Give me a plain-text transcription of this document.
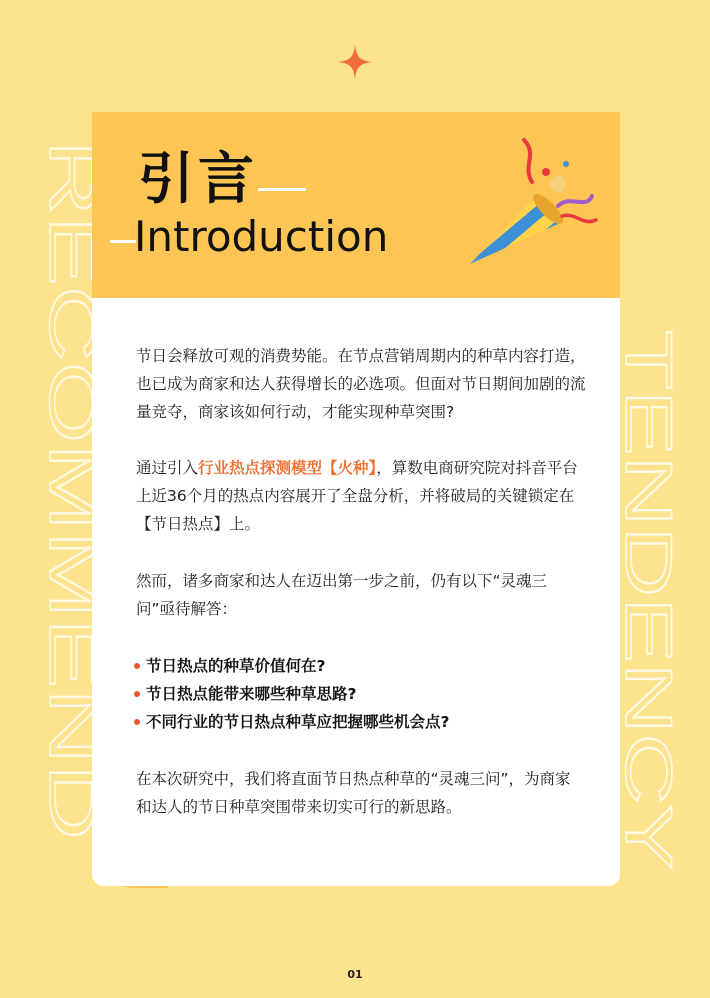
RECOMMEND	TENDENCY
引言
Introduction

节日会释放可观的消费势能。在节点营销周期内的种草内容打造，也已成为商家和达人获得增长的必选项。但面对节日期间加剧的流量竞夺，商家该如何行动，才能实现种草突围?

通过引入行业热点探测模型【火种】，算数电商研究院对抖音平台上近36个月的热点内容展开了全盘分析，并将破局的关键锁定在【节日热点】上。

然而，诸多商家和达人在迈出第一步之前，仍有以下“灵魂三问”亟待解答：

节日热点的种草价值何在?
节日热点能带来哪些种草思路?
不同行业的节日热点种草应把握哪些机会点?

在本次研究中，我们将直面节日热点种草的“灵魂三问”，为商家和达人的节日种草突围带来切实可行的新思路。

01
